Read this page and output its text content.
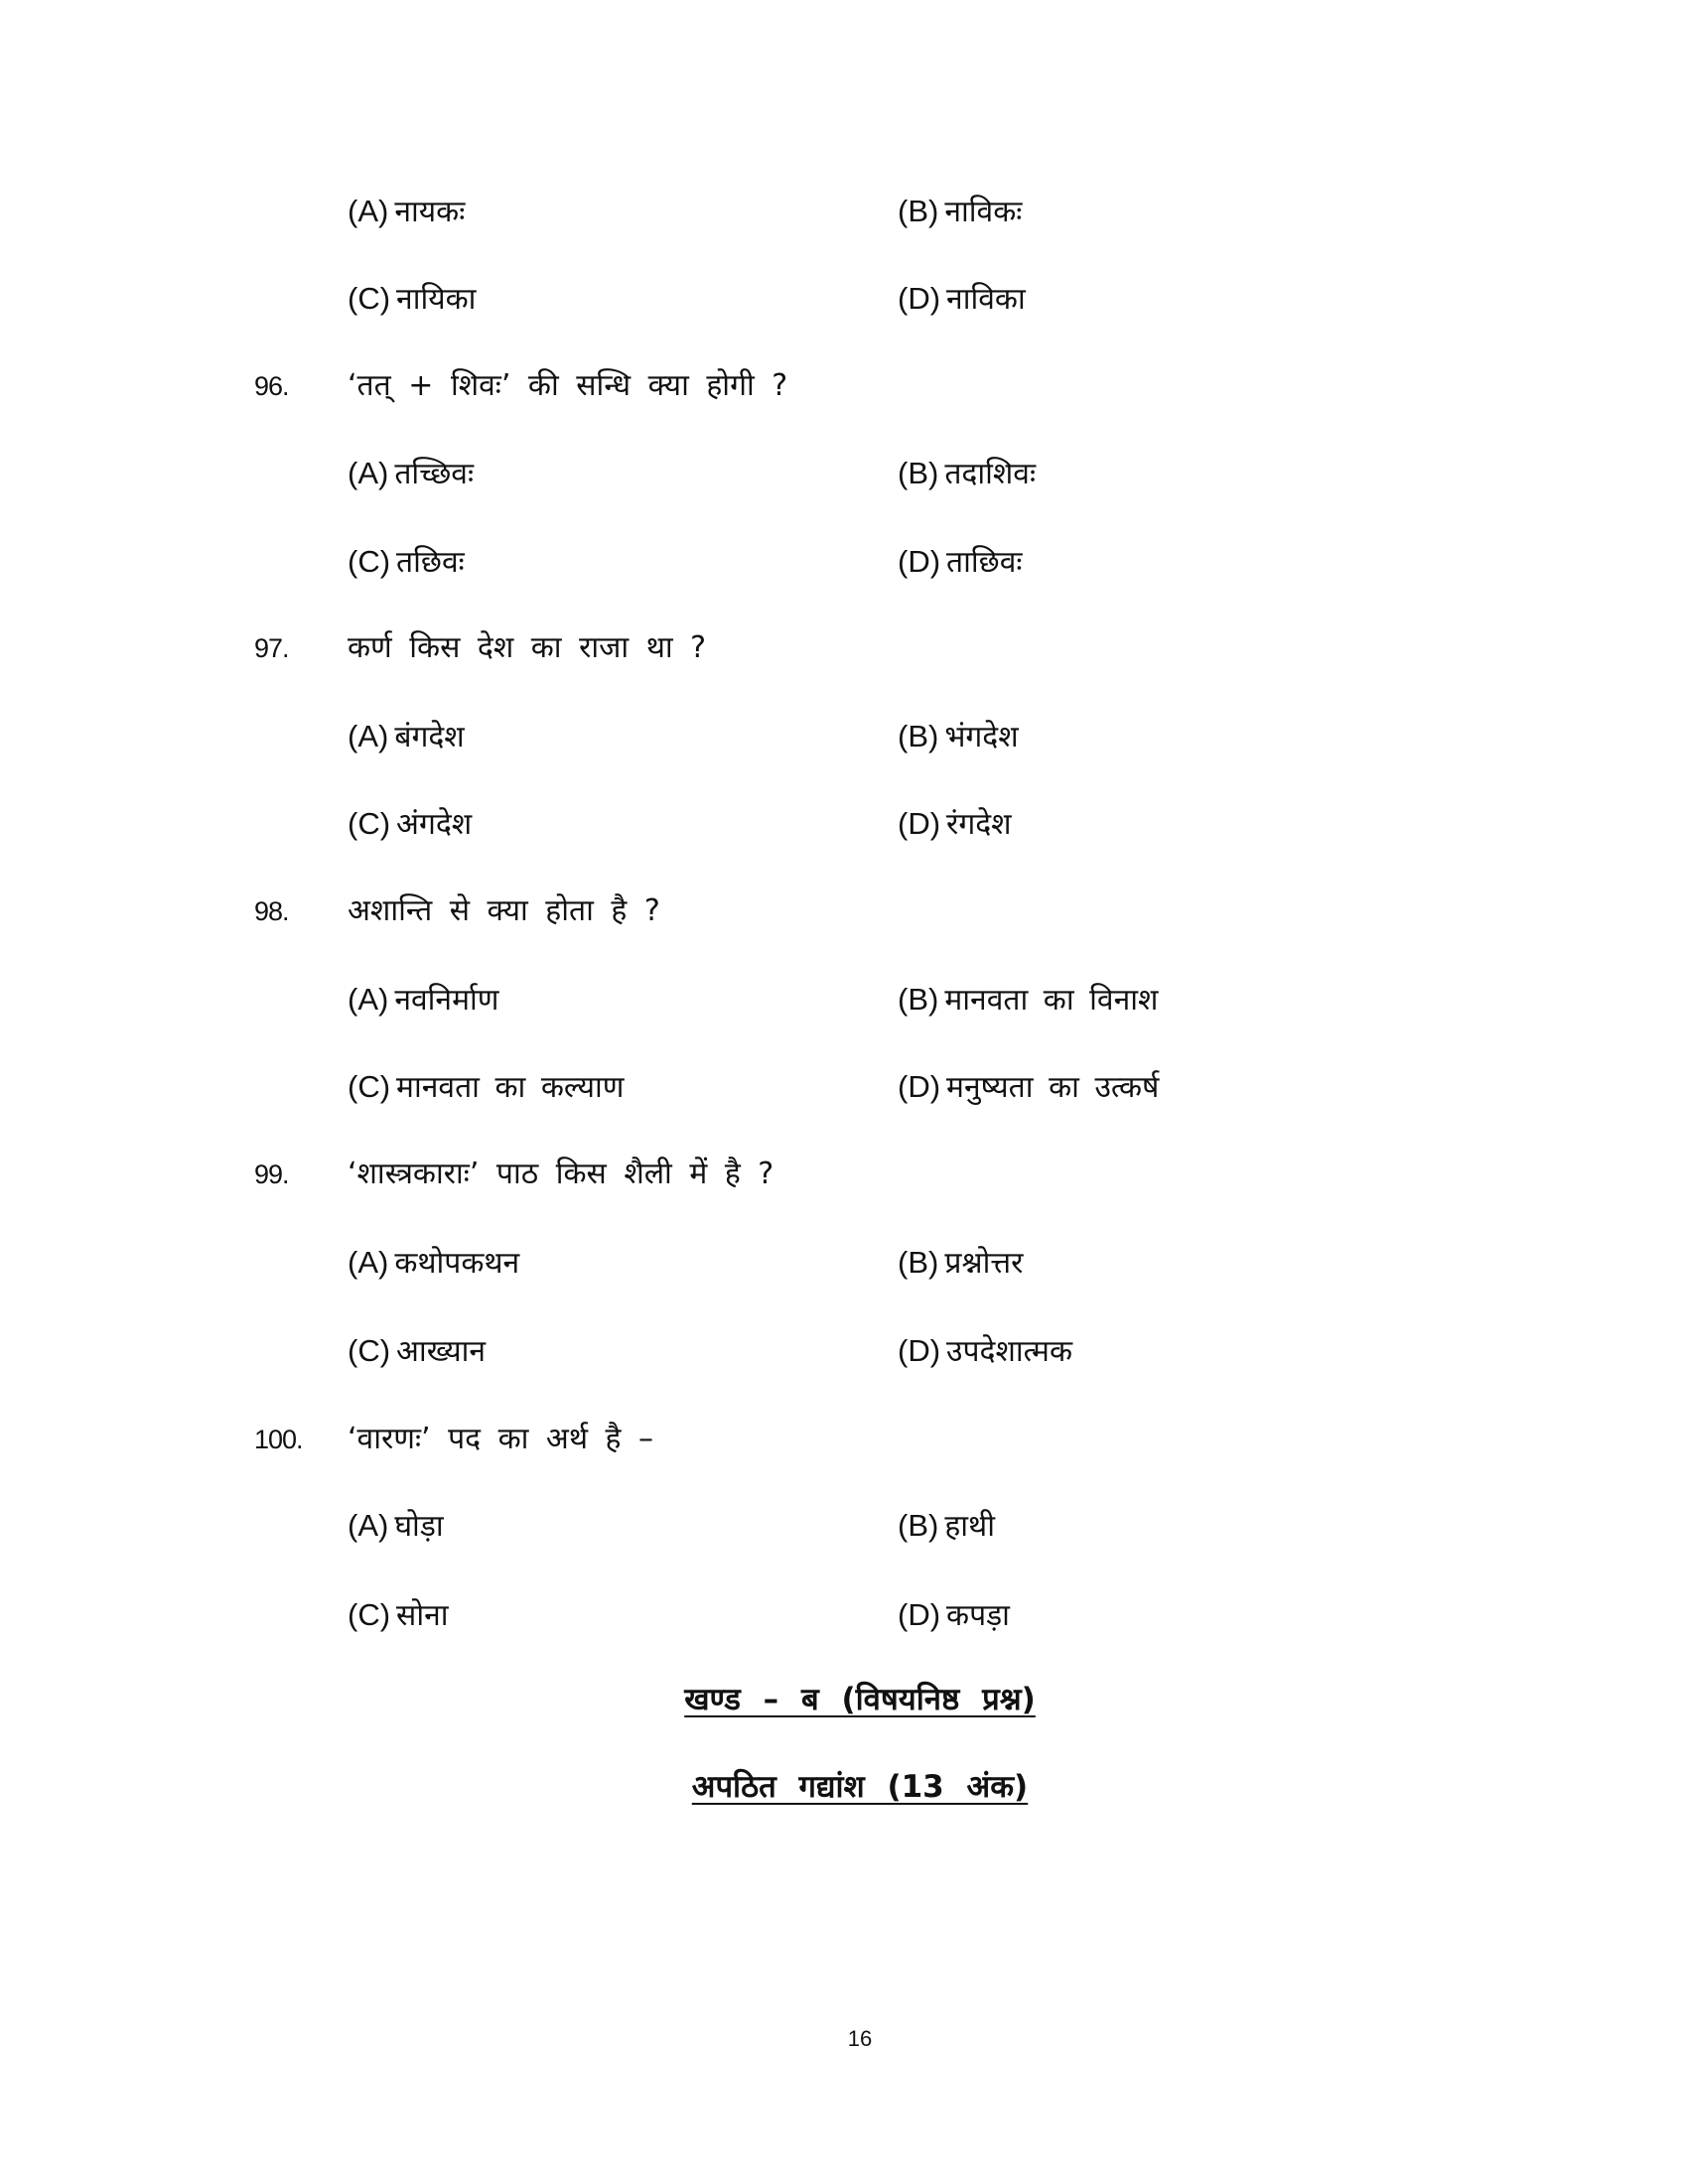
(A) नायकः	(B) नाविकः
(C) नायिका	(D) नाविका
96. ‘तत् + शिवः’ की सन्धि क्या होगी ?
(A) तच्छिवः	(B) तदाशिवः
(C) तछिवः	(D) ताछिवः
97. कर्ण किस देश का राजा था ?
(A) बंगदेश	(B) भंगदेश
(C) अंगदेश	(D) रंगदेश
98. अशान्ति से क्या होता है ?
(A) नवनिर्माण	(B) मानवता का विनाश
(C) मानवता का कल्याण	(D) मनुष्यता का उत्कर्ष
99. ‘शास्त्रकाराः’ पाठ किस शैली में है ?
(A) कथोपकथन	(B) प्रश्नोत्तर
(C) आख्यान	(D) उपदेशात्मक
100. ‘वारणः’ पद का अर्थ है –
(A) घोड़ा	(B) हाथी
(C) सोना	(D) कपड़ा
खण्ड – ब (विषयनिष्ठ प्रश्न)
अपठित गद्यांश (13 अंक)
16
